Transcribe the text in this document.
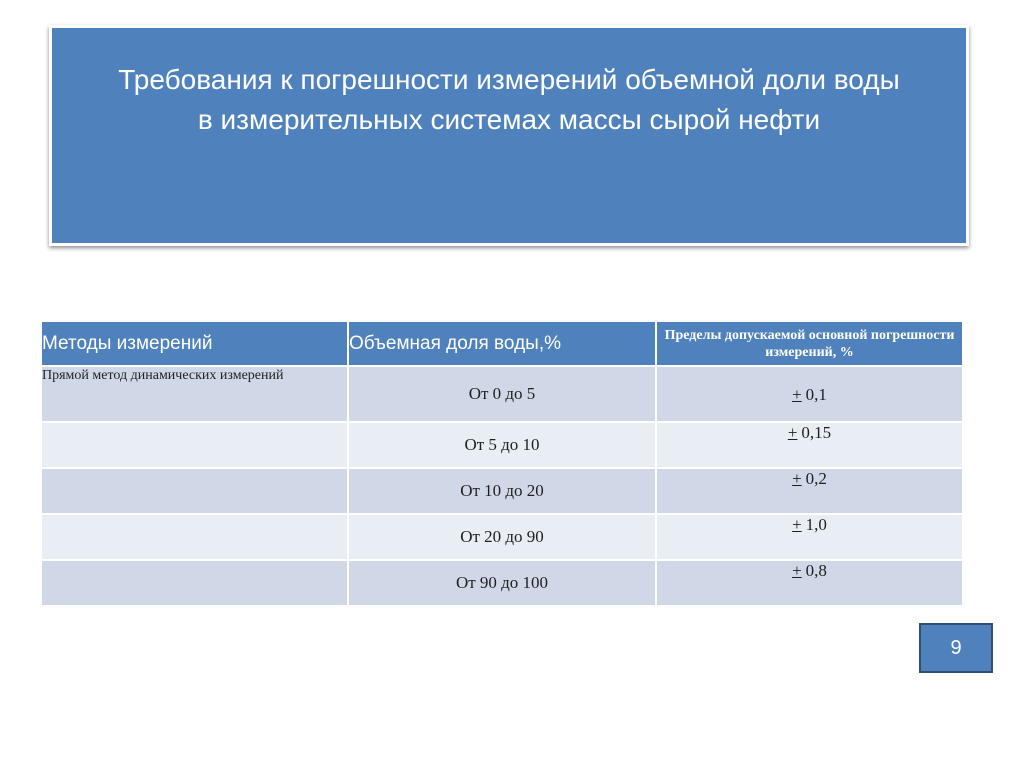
Требования к погрешности измерений объемной доли воды
в измерительных системах массы сырой нефти
Методы измерений	Объемная доля воды,%	Пределы допускаемой основной погрешности измерений, %
Прямой метод динамических измерений	От 0 до 5	+ 0,1
	От 5 до 10	+ 0,15
	От 10 до 20	+ 0,2
	От 20 до 90	+ 1,0
	От 90 до 100	+ 0,8
9
